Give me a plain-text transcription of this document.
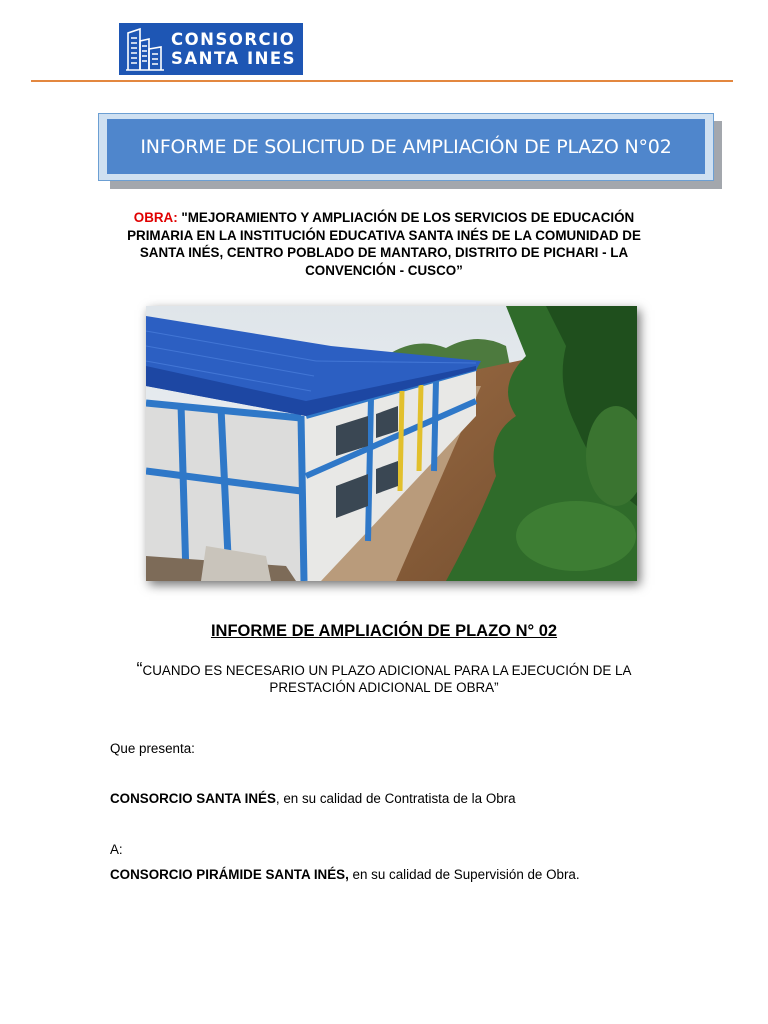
CONSORCIO
SANTA INES
INFORME DE SOLICITUD DE AMPLIACIÓN DE PLAZO N°02
OBRA: "MEJORAMIENTO Y AMPLIACIÓN DE LOS SERVICIOS DE EDUCACIÓN PRIMARIA EN LA INSTITUCIÓN EDUCATIVA SANTA INÉS DE LA COMUNIDAD DE SANTA INÉS, CENTRO POBLADO DE MANTARO, DISTRITO DE PICHARI - LA CONVENCIÓN - CUSCO”
INFORME DE AMPLIACIÓN DE PLAZO N° 02
“CUANDO ES NECESARIO UN PLAZO ADICIONAL PARA LA EJECUCIÓN DE LA PRESTACIÓN ADICIONAL DE OBRA”
Que presenta:
CONSORCIO SANTA INÉS, en su calidad de Contratista de la Obra
A:
CONSORCIO PIRÁMIDE SANTA INÉS, en su calidad de Supervisión de Obra.
